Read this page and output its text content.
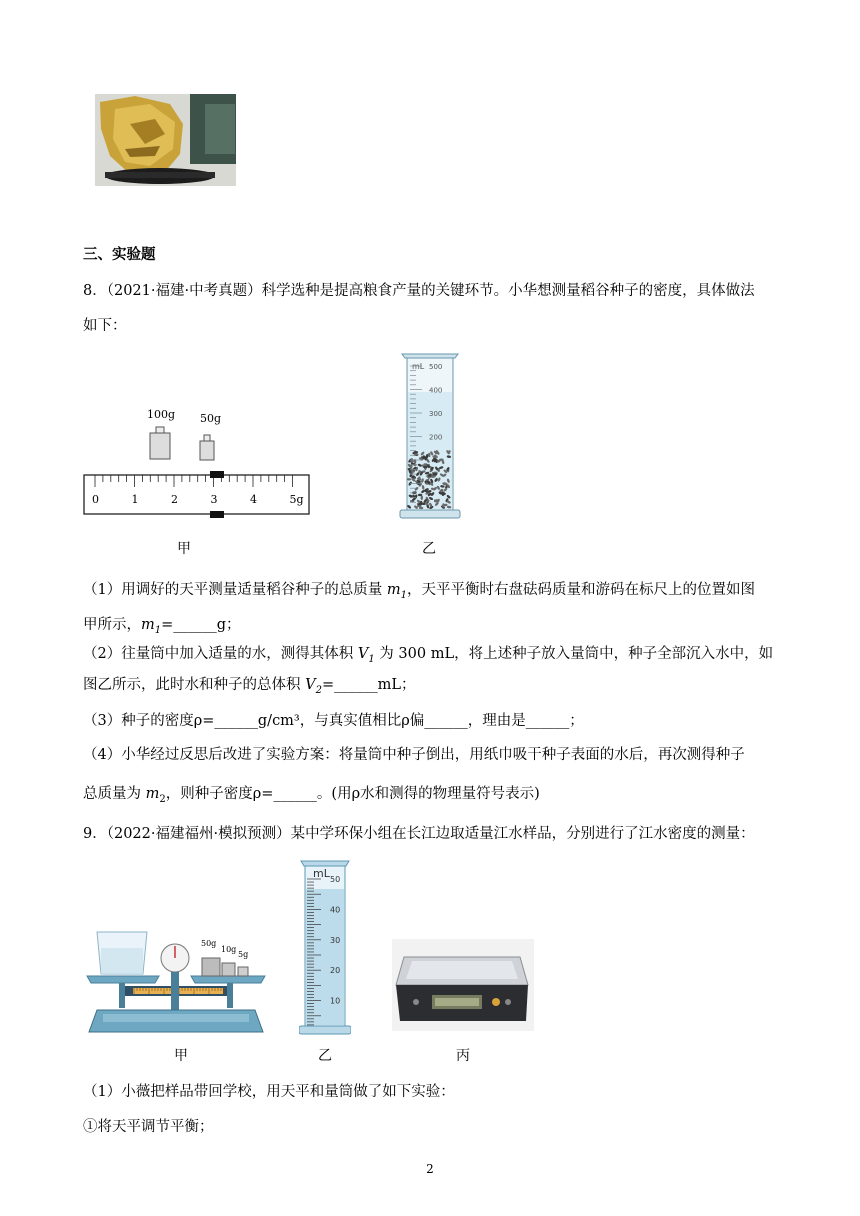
三、实验题
8．（2021·福建·中考真题）科学选种是提高粮食产量的关键环节。小华想测量稻谷种子的密度，具体做法
如下：
100g 50g
0	1	2	3	4	5g
mL 500
400
300
200
甲	乙
（1）用调好的天平测量适量稻谷种子的总质量 $m_1$，天平平衡时右盘砝码质量和游码在标尺上的位置如图
甲所示，$m_1=\_\_\_\_\_\_g$；
（2）往量筒中加入适量的水，测得其体积 $V_1$ 为 300 mL，将上述种子放入量筒中，种子全部沉入水中，如
图乙所示，此时水和种子的总体积 $V_2=\_\_\_\_\_\_mL$；
（3）种子的密度ρ=______g/cm³，与真实值相比ρ偏______，理由是______；
（4）小华经过反思后改进了实验方案：将量筒中种子倒出，用纸巾吸干种子表面的水后，再次测得种子
总质量为 $m_2$，则种子密度ρ=______。(用ρ水和测得的物理量符号表示)
9．（2022·福建福州·模拟预测）某中学环保小组在长江边取适量江水样品，分别进行了江水密度的测量：
50g
10g
5g
mL 50
40
30
20
10
甲	乙	丙
（1）小薇把样品带回学校，用天平和量筒做了如下实验：
①将天平调节平衡；
2
